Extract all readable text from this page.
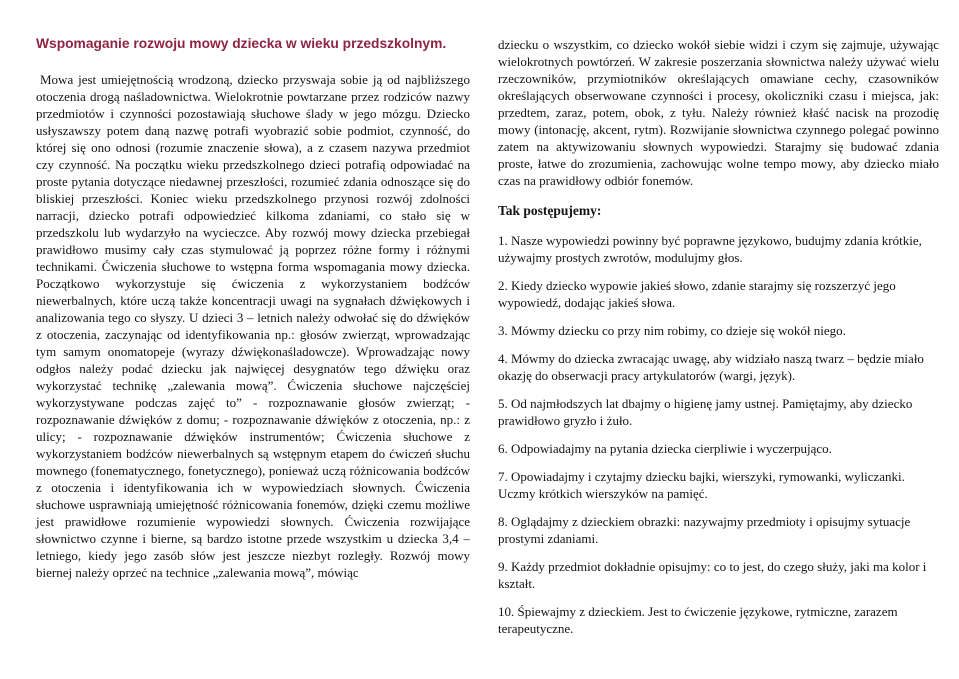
Wspomaganie rozwoju mowy dziecka w wieku przedszkolnym.

Mowa jest umiejętnością wrodzoną, dziecko przyswaja sobie ją od najbliższego otoczenia drogą naśladownictwa. Wielokrotnie powtarzane przez rodziców nazwy przedmiotów i czynności pozostawiają słuchowe ślady w jego mózgu. Dziecko usłyszawszy potem daną nazwę potrafi wyobrazić sobie podmiot, czynność, do której się ono odnosi (rozumie znaczenie słowa), a z czasem nazywa przedmiot czy czynność. Na początku wieku przedszkolnego dzieci potrafią odpowiadać na proste pytania dotyczące niedawnej przeszłości, rozumieć zdania odnoszące się do bliskiej przeszłości. Koniec wieku przedszkolnego przynosi rozwój zdolności narracji, dziecko potrafi odpowiedzieć kilkoma zdaniami, co stało się w przedszkolu lub wydarzyło na wycieczce. Aby rozwój mowy dziecka przebiegał prawidłowo musimy cały czas stymulować ją poprzez różne formy i różnymi technikami. Ćwiczenia słuchowe to wstępna forma wspomagania mowy dziecka. Początkowo wykorzystuje się ćwiczenia z wykorzystaniem bodźców niewerbalnych, które uczą także koncentracji uwagi na sygnałach dźwiękowych i analizowania tego co słyszy. U dzieci 3 – letnich należy odwołać się do dźwięków z otoczenia, zaczynając od identyfikowania np.: głosów zwierząt, wprowadzając tym samym onomatopeje (wyrazy dźwiękonaśladowcze). Wprowadzając nowy odgłos należy podać dziecku jak najwięcej desygnatów tego dźwięku oraz wykorzystać technikę „zalewania mową”. Ćwiczenia słuchowe najczęściej wykorzystywane podczas zajęć to” - rozpoznawanie głosów zwierząt; - rozpoznawanie dźwięków z domu; - rozpoznawanie dźwięków z otoczenia, np.: z ulicy; - rozpoznawanie dźwięków instrumentów; Ćwiczenia słuchowe z wykorzystaniem bodźców niewerbalnych są wstępnym etapem do ćwiczeń słuchu mownego (fonematycznego, fonetycznego), ponieważ uczą różnicowania bodźców z otoczenia i identyfikowania ich w wypowiedziach słownych. Ćwiczenia słuchowe usprawniają umiejętność różnicowania fonemów, dzięki czemu możliwe jest prawidłowe rozumienie wypowiedzi słownych. Ćwiczenia rozwijające słownictwo czynne i bierne, są bardzo istotne przede wszystkim u dziecka 3,4 – letniego, kiedy jego zasób słów jest jeszcze niezbyt rozległy. Rozwój mowy biernej należy oprzeć na technice „zalewania mową”, mówiąc

dziecku o wszystkim, co dziecko wokół siebie widzi i czym się zajmuje, używając wielokrotnych powtórzeń. W zakresie poszerzania słownictwa należy używać wielu rzeczowników, przymiotników określających omawiane cechy, czasowników określających obserwowane czynności i procesy, okoliczniki czasu i miejsca, jak: przedtem, zaraz, potem, obok, z tyłu. Należy również kłaść nacisk na prozodię mowy (intonację, akcent, rytm). Rozwijanie słownictwa czynnego polegać powinno zatem na aktywizowaniu słownych wypowiedzi. Starajmy się budować zdania proste, łatwe do zrozumienia, zachowując wolne tempo mowy, aby dziecko miało czas na prawidłowy odbiór fonemów.

Tak postępujemy:

1. Nasze wypowiedzi powinny być poprawne językowo, budujmy zdania krótkie, używajmy prostych zwrotów, modulujmy głos.

2. Kiedy dziecko wypowie jakieś słowo, zdanie starajmy się rozszerzyć jego wypowiedź, dodając jakieś słowa.

3. Mówmy dziecku co przy nim robimy, co dzieje się wokół niego.

4. Mówmy do dziecka zwracając uwagę, aby widziało naszą twarz – będzie miało okazję do obserwacji pracy artykulatorów (wargi, język).

5. Od najmłodszych lat dbajmy o higienę jamy ustnej. Pamiętajmy, aby dziecko prawidłowo gryzło i żuło.

6. Odpowiadajmy na pytania dziecka cierpliwie i wyczerpująco.

7. Opowiadajmy i czytajmy dziecku bajki, wierszyki, rymowanki, wyliczanki. Uczmy krótkich wierszyków na pamięć.

8. Oglądajmy z dzieckiem obrazki: nazywajmy przedmioty i opisujmy sytuacje prostymi zdaniami.

9. Każdy przedmiot dokładnie opisujmy: co to jest, do czego służy, jaki ma kolor i kształt.

10. Śpiewajmy z dzieckiem. Jest to ćwiczenie językowe, rytmiczne, zarazem terapeutyczne.
